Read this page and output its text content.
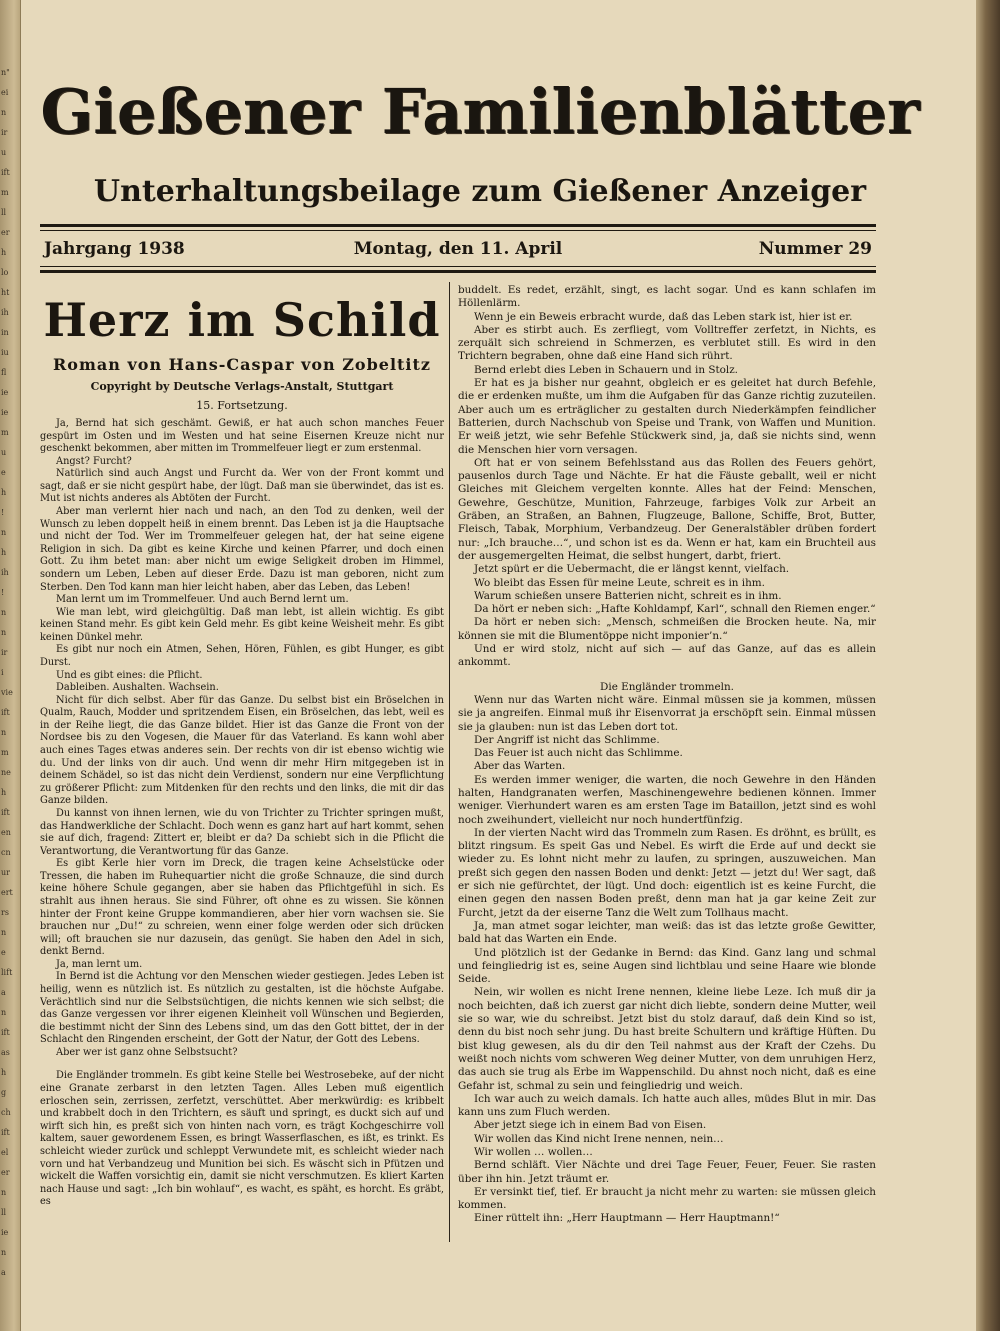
n"
ei
n
ir
u
ift
m
ll
er
h
lo
ht
ih
in
iu
fl
ie
ie
m
u
e
h
!
n
h
ih
!
n
n
ir
i
vie
ift
n
m
ne
h
ift
en
cn
ur
ert
rs
n
e
lift
a
n
ift
as
h
g
ch
ift
el
er
n
ll
ie
n
a
Gießener Familienblätter
Unterhaltungsbeilage zum Gießener Anzeiger
Jahrgang 1938	Montag, den 11. April	Nummer 29
Herz im Schild

Roman von Hans-Caspar von Zobeltitz

Copyright by Deutsche Verlags-Anstalt, Stuttgart

15. Fortsetzung.

Ja, Bernd hat sich geschämt. Gewiß, er hat auch schon manches Feuer gespürt im Osten und im Westen und hat seine Eisernen Kreuze nicht nur geschenkt bekommen, aber mitten im Trommelfeuer liegt er zum erstenmal.

Angst? Furcht?

Natürlich sind auch Angst und Furcht da. Wer von der Front kommt und sagt, daß er sie nicht gespürt habe, der lügt. Daß man sie überwindet, das ist es. Mut ist nichts anderes als Abtöten der Furcht.

Aber man verlernt hier nach und nach, an den Tod zu denken, weil der Wunsch zu leben doppelt heiß in einem brennt. Das Leben ist ja die Hauptsache und nicht der Tod. Wer im Trommelfeuer gelegen hat, der hat seine eigene Religion in sich. Da gibt es keine Kirche und keinen Pfarrer, und doch einen Gott. Zu ihm betet man: aber nicht um ewige Seligkeit droben im Himmel, sondern um Leben, Leben auf dieser Erde. Dazu ist man geboren, nicht zum Sterben. Den Tod kann man hier leicht haben, aber das Leben, das Leben!

Man lernt um im Trommelfeuer. Und auch Bernd lernt um.

Wie man lebt, wird gleichgültig. Daß man lebt, ist allein wichtig. Es gibt keinen Stand mehr. Es gibt kein Geld mehr. Es gibt keine Weisheit mehr. Es gibt keinen Dünkel mehr.

Es gibt nur noch ein Atmen, Sehen, Hören, Fühlen, es gibt Hunger, es gibt Durst.

Und es gibt eines: die Pflicht.

Dableiben. Aushalten. Wachsein.

Nicht für dich selbst. Aber für das Ganze. Du selbst bist ein Bröselchen in Qualm, Rauch, Modder und spritzendem Eisen, ein Bröselchen, das lebt, weil es in der Reihe liegt, die das Ganze bildet. Hier ist das Ganze die Front von der Nordsee bis zu den Vogesen, die Mauer für das Vaterland. Es kann wohl aber auch eines Tages etwas anderes sein. Der rechts von dir ist ebenso wichtig wie du. Und der links von dir auch. Und wenn dir mehr Hirn mitgegeben ist in deinem Schädel, so ist das nicht dein Verdienst, sondern nur eine Verpflichtung zu größerer Pflicht: zum Mitdenken für den rechts und den links, die mit dir das Ganze bilden.

Du kannst von ihnen lernen, wie du von Trichter zu Trichter springen mußt, das Handwerkliche der Schlacht. Doch wenn es ganz hart auf hart kommt, sehen sie auf dich, fragend: Zittert er, bleibt er da? Da schiebt sich in die Pflicht die Verantwortung, die Verantwortung für das Ganze.

Es gibt Kerle hier vorn im Dreck, die tragen keine Achselstücke oder Tressen, die haben im Ruhequartier nicht die große Schnauze, die sind durch keine höhere Schule gegangen, aber sie haben das Pflichtgefühl in sich. Es strahlt aus ihnen heraus. Sie sind Führer, oft ohne es zu wissen. Sie können hinter der Front keine Gruppe kommandieren, aber hier vorn wachsen sie. Sie brauchen nur „Du!“ zu schreien, wenn einer folge werden oder sich drücken will; oft brauchen sie nur dazusein, das genügt. Sie haben den Adel in sich, denkt Bernd.

Ja, man lernt um.

In Bernd ist die Achtung vor den Menschen wieder gestiegen. Jedes Leben ist heilig, wenn es nützlich ist. Es nützlich zu gestalten, ist die höchste Aufgabe. Verächtlich sind nur die Selbstsüchtigen, die nichts kennen wie sich selbst; die das Ganze vergessen vor ihrer eigenen Kleinheit voll Wünschen und Begierden, die bestimmt nicht der Sinn des Lebens sind, um das den Gott bittet, der in der Schlacht den Ringenden erscheint, der Gott der Natur, der Gott des Lebens.

Aber wer ist ganz ohne Selbstsucht?

Die Engländer trommeln. Es gibt keine Stelle bei Westrosebeke, auf der nicht eine Granate zerbarst in den letzten Tagen. Alles Leben muß eigentlich erloschen sein, zerrissen, zerfetzt, verschüttet. Aber merkwürdig: es kribbelt und krabbelt doch in den Trichtern, es säuft und springt, es duckt sich auf und wirft sich hin, es preßt sich von hinten nach vorn, es trägt Kochgeschirre voll kaltem, sauer gewordenem Essen, es bringt Wasserflaschen, es ißt, es trinkt. Es schleicht wieder zurück und schleppt Verwundete mit, es schleicht wieder nach vorn und hat Verbandzeug und Munition bei sich. Es wäscht sich in Pfützen und wickelt die Waffen vorsichtig ein, damit sie nicht verschmutzen. Es kliert Karten nach Hause und sagt: „Ich bin wohlauf“, es wacht, es späht, es horcht. Es gräbt, es

buddelt. Es redet, erzählt, singt, es lacht sogar. Und es kann schlafen im Höllenlärm.

Wenn je ein Beweis erbracht wurde, daß das Leben stark ist, hier ist er.

Aber es stirbt auch. Es zerfliegt, vom Volltreffer zerfetzt, in Nichts, es zerquält sich schreiend in Schmerzen, es verblutet still. Es wird in den Trichtern begraben, ohne daß eine Hand sich rührt.

Bernd erlebt dies Leben in Schauern und in Stolz.

Er hat es ja bisher nur geahnt, obgleich er es geleitet hat durch Befehle, die er erdenken mußte, um ihm die Aufgaben für das Ganze richtig zuzuteilen. Aber auch um es erträglicher zu gestalten durch Niederkämpfen feindlicher Batterien, durch Nachschub von Speise und Trank, von Waffen und Munition. Er weiß jetzt, wie sehr Befehle Stückwerk sind, ja, daß sie nichts sind, wenn die Menschen hier vorn versagen.

Oft hat er von seinem Befehlsstand aus das Rollen des Feuers gehört, pausenlos durch Tage und Nächte. Er hat die Fäuste geballt, weil er nicht Gleiches mit Gleichem vergelten konnte. Alles hat der Feind: Menschen, Gewehre, Geschütze, Munition, Fahrzeuge, farbiges Volk zur Arbeit an Gräben, an Straßen, an Bahnen, Flugzeuge, Ballone, Schiffe, Brot, Butter, Fleisch, Tabak, Morphium, Verbandzeug. Der Generalstäbler drüben fordert nur: „Ich brauche…“, und schon ist es da. Wenn er hat, kam ein Bruchteil aus der ausgemergelten Heimat, die selbst hungert, darbt, friert.

Jetzt spürt er die Uebermacht, die er längst kennt, vielfach.

Wo bleibt das Essen für meine Leute, schreit es in ihm.

Warum schießen unsere Batterien nicht, schreit es in ihm.

Da hört er neben sich: „Hafte Kohldampf, Karl“, schnall den Riemen enger.“

Da hört er neben sich: „Mensch, schmeißen die Brocken heute. Na, mir können sie mit die Blumentöppe nicht imponier’n.“

Und er wird stolz, nicht auf sich — auf das Ganze, auf das es allein ankommt.

Die Engländer trommeln.

Wenn nur das Warten nicht wäre. Einmal müssen sie ja kommen, müssen sie ja angreifen. Einmal muß ihr Eisenvorrat ja erschöpft sein. Einmal müssen sie ja glauben: nun ist das Leben dort tot.

Der Angriff ist nicht das Schlimme.

Das Feuer ist auch nicht das Schlimme.

Aber das Warten.

Es werden immer weniger, die warten, die noch Gewehre in den Händen halten, Handgranaten werfen, Maschinengewehre bedienen können. Immer weniger. Vierhundert waren es am ersten Tage im Bataillon, jetzt sind es wohl noch zweihundert, vielleicht nur noch hundertfünfzig.

In der vierten Nacht wird das Trommeln zum Rasen. Es dröhnt, es brüllt, es blitzt ringsum. Es speit Gas und Nebel. Es wirft die Erde auf und deckt sie wieder zu. Es lohnt nicht mehr zu laufen, zu springen, auszuweichen. Man preßt sich gegen den nassen Boden und denkt: Jetzt — jetzt du! Wer sagt, daß er sich nie gefürchtet, der lügt. Und doch: eigentlich ist es keine Furcht, die einen gegen den nassen Boden preßt, denn man hat ja gar keine Zeit zur Furcht, jetzt da der eiserne Tanz die Welt zum Tollhaus macht.

Ja, man atmet sogar leichter, man weiß: das ist das letzte große Gewitter, bald hat das Warten ein Ende.

Und plötzlich ist der Gedanke in Bernd: das Kind. Ganz lang und schmal und feingliedrig ist es, seine Augen sind lichtblau und seine Haare wie blonde Seide.

Nein, wir wollen es nicht Irene nennen, kleine liebe Leze. Ich muß dir ja noch beichten, daß ich zuerst gar nicht dich liebte, sondern deine Mutter, weil sie so war, wie du schreibst. Jetzt bist du stolz darauf, daß dein Kind so ist, denn du bist noch sehr jung. Du hast breite Schultern und kräftige Hüften. Du bist klug gewesen, als du dir den Teil nahmst aus der Kraft der Czehs. Du weißt noch nichts vom schweren Weg deiner Mutter, von dem unruhigen Herz, das auch sie trug als Erbe im Wappenschild. Du ahnst noch nicht, daß es eine Gefahr ist, schmal zu sein und feingliedrig und weich.

Ich war auch zu weich damals. Ich hatte auch alles, müdes Blut in mir. Das kann uns zum Fluch werden.

Aber jetzt siege ich in einem Bad von Eisen.

Wir wollen das Kind nicht Irene nennen, nein…

Wir wollen … wollen…

Bernd schläft. Vier Nächte und drei Tage Feuer, Feuer, Feuer. Sie rasten über ihn hin. Jetzt träumt er.

Er versinkt tief, tief. Er braucht ja nicht mehr zu warten: sie müssen gleich kommen.

Einer rüttelt ihn: „Herr Hauptmann — Herr Hauptmann!“
